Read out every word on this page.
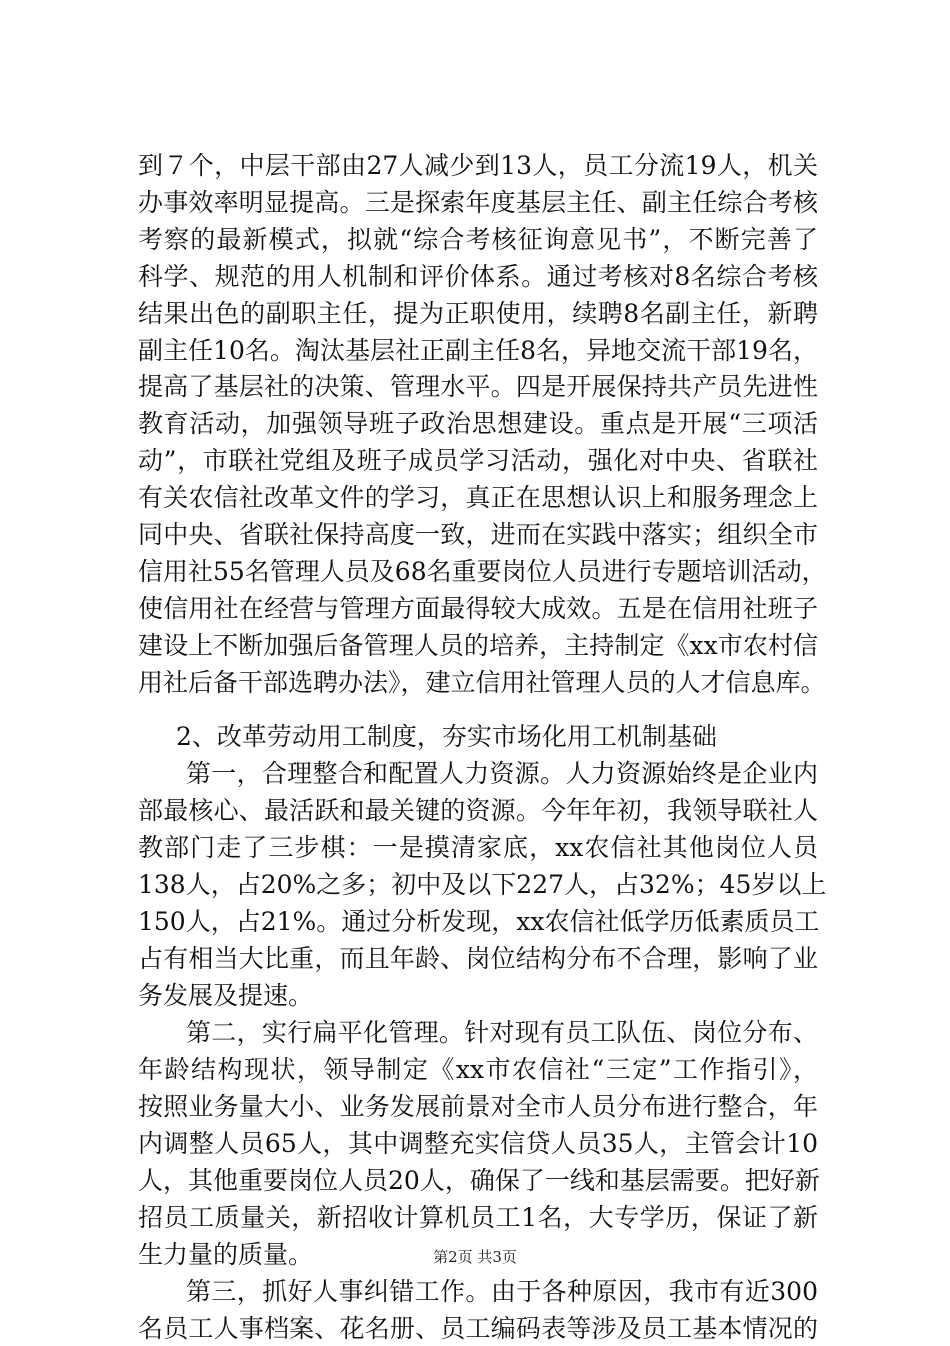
到７个，中层干部由27人减少到13人，员工分流19人，机关
办事效率明显提高。三是探索年度基层主任、副主任综合考核
考察的最新模式，拟就“综合考核征询意见书”，不断完善了
科学、规范的用人机制和评价体系。通过考核对8名综合考核
结果出色的副职主任，提为正职使用，续聘8名副主任，新聘
副主任10名。淘汰基层社正副主任8名，异地交流干部19名，
提高了基层社的决策、管理水平。四是开展保持共产员先进性
教育活动，加强领导班子政治思想建设。重点是开展“三项活
动”，市联社党组及班子成员学习活动，强化对中央、省联社
有关农信社改革文件的学习，真正在思想认识上和服务理念上
同中央、省联社保持高度一致，进而在实践中落实；组织全市
信用社55名管理人员及68名重要岗位人员进行专题培训活动，
使信用社在经营与管理方面最得较大成效。五是在信用社班子
建设上不断加强后备管理人员的培养，主持制定《xx市农村信
用社后备干部选聘办法》，建立信用社管理人员的人才信息库。
2、改革劳动用工制度，夯实市场化用工机制基础
第一，合理整合和配置人力资源。人力资源始终是企业内
部最核心、最活跃和最关键的资源。今年年初，我领导联社人
教部门走了三步棋：一是摸清家底，xx农信社其他岗位人员
138人，占20%之多；初中及以下227人，占32%；45岁以上
150人，占21%。通过分析发现，xx农信社低学历低素质员工
占有相当大比重，而且年龄、岗位结构分布不合理，影响了业
务发展及提速。
第二，实行扁平化管理。针对现有员工队伍、岗位分布、
年龄结构现状，领导制定《xx市农信社“三定”工作指引》，
按照业务量大小、业务发展前景对全市人员分布进行整合，年
内调整人员65人，其中调整充实信贷人员35人，主管会计10
人，其他重要岗位人员20人，确保了一线和基层需要。把好新
招员工质量关，新招收计算机员工1名，大专学历，保证了新
生力量的质量。	第2页 共3页
第三，抓好人事纠错工作。由于各种原因，我市有近300
名员工人事档案、花名册、员工编码表等涉及员工基本情况的
